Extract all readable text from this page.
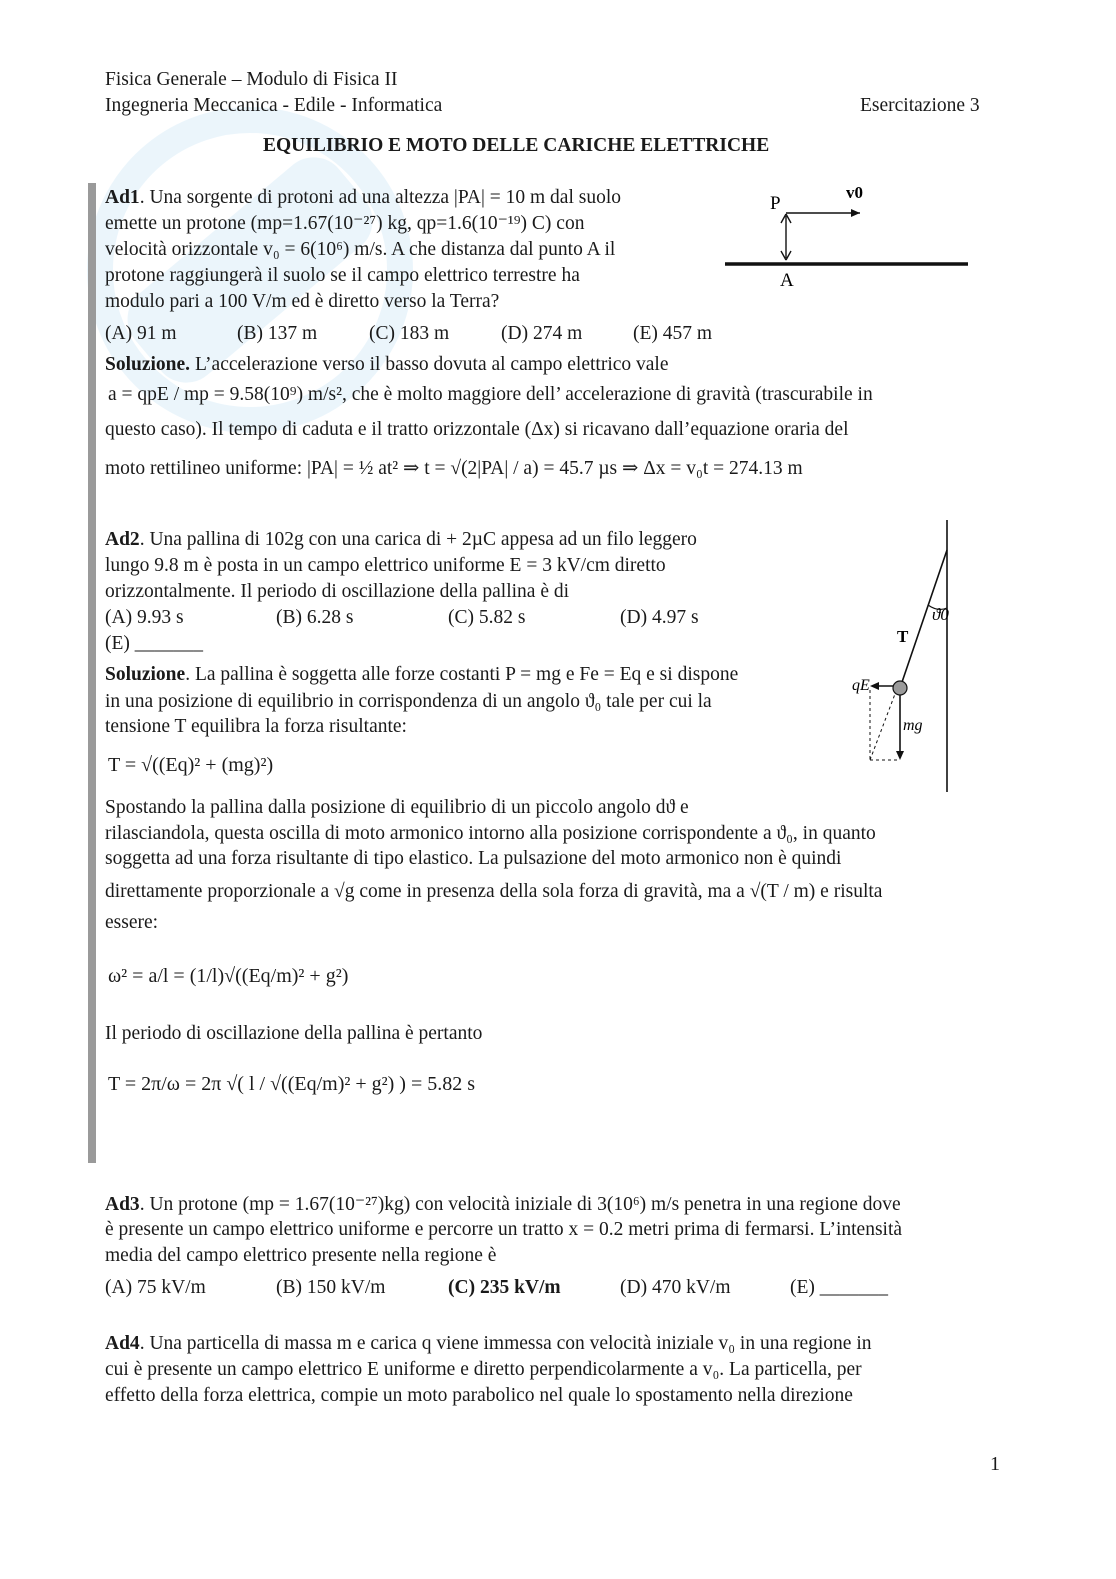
Fisica Generale – Modulo di Fisica II
Ingegneria Meccanica - Edile - Informatica	Esercitazione 3
EQUILIBRIO E MOTO DELLE CARICHE ELETTRICHE
Ad1. Una sorgente di protoni ad una altezza |PA| = 10 m dal suolo
emette un protone (mp=1.67(10⁻²⁷) kg, qp=1.6(10⁻¹⁹) C) con
velocità orizzontale v₀ = 6(10⁶) m/s. A che distanza dal punto A il
protone raggiungerà il suolo se il campo elettrico terrestre ha
modulo pari a 100 V/m ed è diretto verso la Terra?
(A) 91 m	(B) 137 m	(C) 183 m	(D) 274 m	(E) 457 m
Soluzione. L’accelerazione verso il basso dovuta al campo elettrico vale
a = qpE / mp = 9.58(10⁹) m/s², che è molto maggiore dell’ accelerazione di gravità (trascurabile in
questo caso). Il tempo di caduta e il tratto orizzontale (Δx) si ricavano dall’equazione oraria del
moto rettilineo uniforme: |PA| = ½ at² ⇒ t = √(2|PA| / a) = 45.7 µs ⇒ Δx = v₀t = 274.13 m
P
v0
A
Ad2. Una pallina di 102g con una carica di + 2µC appesa ad un filo leggero
lungo 9.8 m è posta in un campo elettrico uniforme E = 3 kV/cm diretto
orizzontalmente. Il periodo di oscillazione della pallina è di
(A) 9.93 s	(B) 6.28 s	(C) 5.82 s	(D) 4.97 s
(E) _______
Soluzione. La pallina è soggetta alle forze costanti P = mg e Fe = Eq e si dispone
in una posizione di equilibrio in corrispondenza di un angolo ϑ₀ tale per cui la
tensione T equilibra la forza risultante:
T = √((Eq)² + (mg)²)
Spostando la pallina dalla posizione di equilibrio di un piccolo angolo dϑ e
rilasciandola, questa oscilla di moto armonico intorno alla posizione corrispondente a ϑ₀, in quanto
soggetta ad una forza risultante di tipo elastico. La pulsazione del moto armonico non è quindi
direttamente proporzionale a √g come in presenza della sola forza di gravità, ma a √(T / m) e risulta
essere:
ω² = a/l = (1/l)√((Eq/m)² + g²)
Il periodo di oscillazione della pallina è pertanto
T = 2π/ω = 2π √( l / √((Eq/m)² + g²) ) = 5.82 s
ϑ0
T
qE
mg
Ad3. Un protone (mp = 1.67(10⁻²⁷)kg) con velocità iniziale di 3(10⁶) m/s penetra in una regione dove
è presente un campo elettrico uniforme e percorre un tratto x = 0.2 metri prima di fermarsi. L’intensità
media del campo elettrico presente nella regione è
(A) 75 kV/m	(B) 150 kV/m	(C) 235 kV/m	(D) 470 kV/m	(E) _______
Ad4. Una particella di massa m e carica q viene immessa con velocità iniziale v₀ in una regione in
cui è presente un campo elettrico E uniforme e diretto perpendicolarmente a v₀. La particella, per
effetto della forza elettrica, compie un moto parabolico nel quale lo spostamento nella direzione
1
